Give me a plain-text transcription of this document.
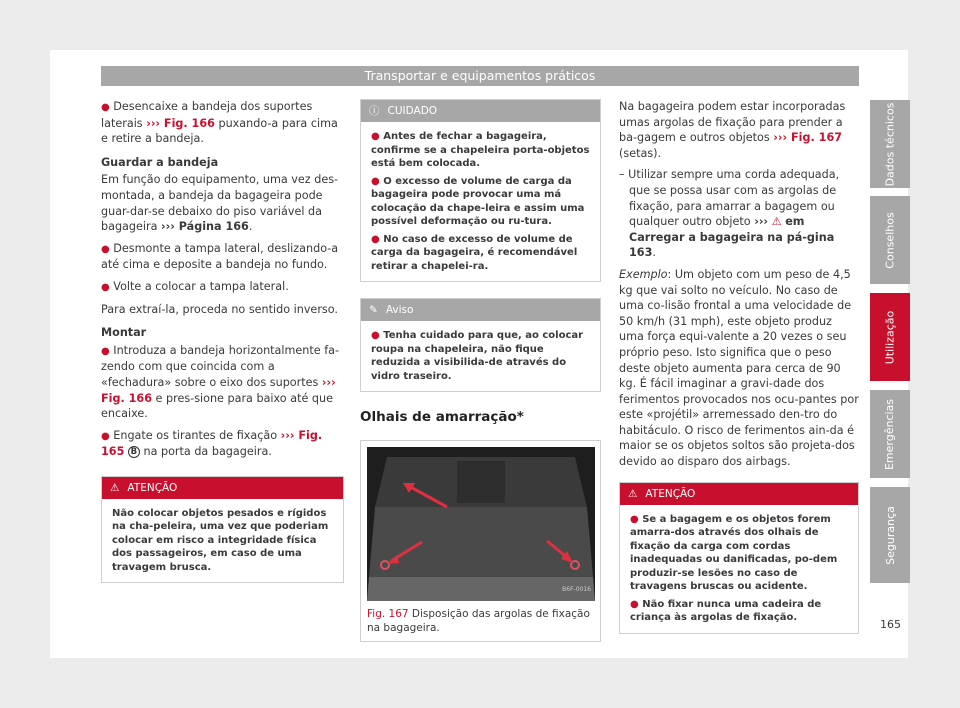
Transportar e equipamentos práticos

● Desencaixe a bandeja dos suportes laterais ››› Fig. 166 puxando-a para cima e retire a bandeja.

Guardar a bandeja

Em função do equipamento, uma vez des-montada, a bandeja da bagageira pode guar-dar-se debaixo do piso variável da bagageira ››› Página 166.

● Desmonte a tampa lateral, deslizando-a até cima e deposite a bandeja no fundo.

● Volte a colocar a tampa lateral.

Para extraí-la, proceda no sentido inverso.

Montar

● Introduza a bandeja horizontalmente fa-zendo com que coincida com a «fechadura» sobre o eixo dos suportes ››› Fig. 166 e pres-sione para baixo até que encaixe.

● Engate os tirantes de fixação ››› Fig. 165 B na porta da bagageira.

⚠ ATENÇÃO
Não colocar objetos pesados e rígidos na cha-peleira, uma vez que poderiam colocar em risco a integridade física dos passageiros, em caso de uma travagem brusca.
ⓘ CUIDADO

● Antes de fechar a bagageira, confirme se a chapeleira porta-objetos está bem colocada.

● O excesso de volume de carga da bagageira pode provocar uma má colocação da chape-leira e assim uma possível deformação ou ru-tura.

● No caso de excesso de volume de carga da bagageira, é recomendável retirar a chapelei-ra.

✎ Aviso

● Tenha cuidado para que, ao colocar roupa na chapeleira, não fique reduzida a visibilida-de através do vidro traseiro.

Olhais de amarração*
B6F-0016
Fig. 167 Disposição das argolas de fixação na bagageira.

Na bagageira podem estar incorporadas umas argolas de fixação para prender a ba-gagem e outros objetos ››› Fig. 167 (setas).

– Utilizar sempre uma corda adequada, que se possa usar com as argolas de fixação, para amarrar a bagagem ou qualquer outro objeto ››› ⚠ em Carregar a bagageira na pá-gina 163.

Exemplo: Um objeto com um peso de 4,5 kg que vai solto no veículo. No caso de uma co-lisão frontal a uma velocidade de 50 km/h (31 mph), este objeto produz uma força equi-valente a 20 vezes o seu próprio peso. Isto significa que o peso deste objeto aumenta para cerca de 90 kg. É fácil imaginar a gravi-dade dos ferimentos provocados nos ocu-pantes por este «projétil» arremessado den-tro do habitáculo. O risco de ferimentos ain-da é maior se os objetos soltos são projeta-dos devido ao disparo dos airbags.

⚠ ATENÇÃO

● Se a bagagem e os objetos forem amarra-dos através dos olhais de fixação da carga com cordas inadequadas ou danificadas, po-dem produzir-se lesões no caso de travagens bruscas ou acidente.

● Não fixar nunca uma cadeira de criança às argolas de fixação.

Dados técnicos
Conselhos
Utilização
Emergências
Segurança
165
